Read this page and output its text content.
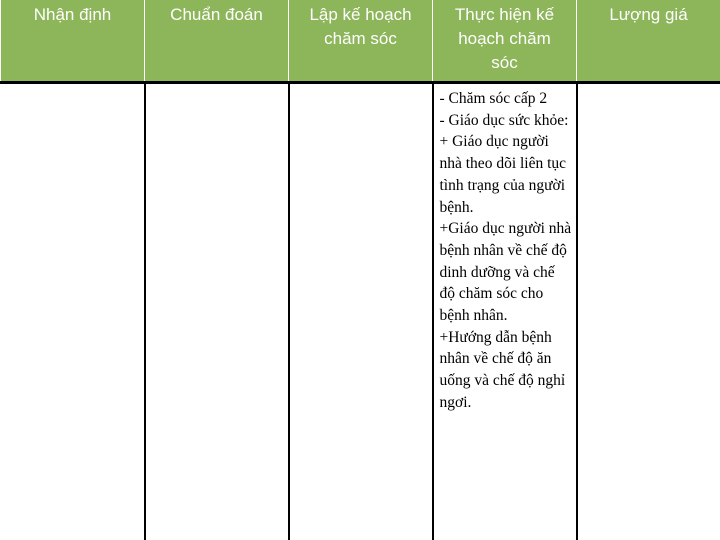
Nhận định	Chuẩn đoán	Lập kế hoạch chăm sóc	Thực hiện kế hoạch chăm sóc	Lượng giá

			- Chăm sóc cấp 2
- Giáo dục sức khỏe:
+ Giáo dục người nhà theo dõi liên tục tình trạng của người bệnh.
+Giáo dục người nhà bệnh nhân về chế độ dinh dưỡng và chế độ chăm sóc cho bệnh nhân.
+Hướng dẫn bệnh nhân về chế độ ăn uống và chế độ nghỉ ngơi.	
